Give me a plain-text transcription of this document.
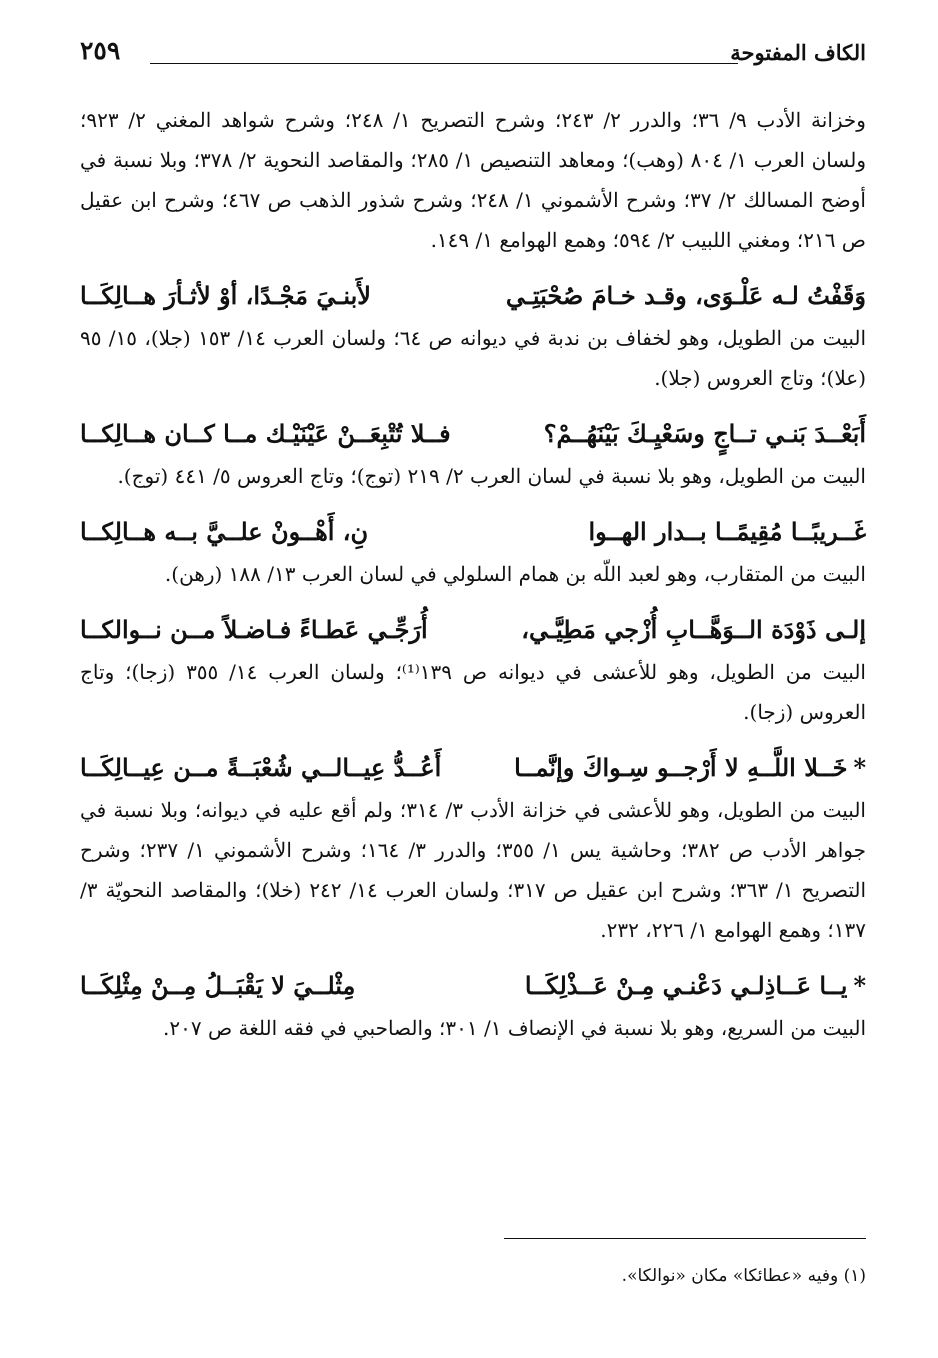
الكاف المفتوحة
٢٥٩

وخزانة الأدب ٩/ ٣٦؛ والدرر ٢/ ٢٤٣؛ وشرح التصريح ١/ ٢٤٨؛ وشرح شواهد المغني ٢/ ٩٢٣؛ ولسان العرب ١/ ٨٠٤ (وهب)؛ ومعاهد التنصيص ١/ ٢٨٥؛ والمقاصد النحوية ٢/ ٣٧٨؛ وبلا نسبة في أوضح المسالك ٢/ ٣٧؛ وشرح الأشموني ١/ ٢٤٨؛ وشرح شذور الذهب ص ٤٦٧؛ وشرح ابن عقيل ص ٢١٦؛ ومغني اللبيب ٢/ ٥٩٤؛ وهمع الهوامع ١/ ١٤٩.

وَقَفْتُ لـه عَلْـوَى، وقـد خـامَ صُحْبَتِـي
لأَبنـيَ مَجْـدًا، أوْ لأثـأرَ هــالِكَــا

البيت من الطويل، وهو لخفاف بن ندبة في ديوانه ص ٦٤؛ ولسان العرب ١٤/ ١٥٣ (جلا)، ١٥/ ٩٥ (علا)؛ وتاج العروس (جلا).

أَبَعْــدَ بَنـي تــاجٍ وسَعْيِـكَ بَيْنَهُــمْ؟
فــلا تُتْبِعَــنْ عَيْنَيْـك مــا كــان هــالِكــا

البيت من الطويل، وهو بلا نسبة في لسان العرب ٢/ ٢١٩ (توج)؛ وتاج العروس ٥/ ٤٤١ (توج).

غَــريبًــا مُقِيمًــا بــدار الهــوا
نِ، أَهْــونْ علــيَّ بــه هــالِكــا

البيت من المتقارب، وهو لعبد اللّه بن همام السلولي في لسان العرب ١٣/ ١٨٨ (رهن).

إلـى ذَوْدَة الــوَهَّــابِ أُزْجي مَطِيَّـي،
أُرَجِّـي عَطـاءً فـاضـلاً مــن نــوالكــا

البيت من الطويل، وهو للأعشى في ديوانه ص ١٣٩⁽¹⁾؛ ولسان العرب ١٤/ ٣٥٥ (زجا)؛ وتاج العروس (زجا).

*خَــلا اللَّــهِ لا أَرْجــو سِـواكَ وإنَّمــا
أَعُــدُّ عِيــالــي شُعْبَــةً مــن عِيــالِكَــا

البيت من الطويل، وهو للأعشى في خزانة الأدب ٣/ ٣١٤؛ ولم أقع عليه في ديوانه؛ وبلا نسبة في جواهر الأدب ص ٣٨٢؛ وحاشية يس ١/ ٣٥٥؛ والدرر ٣/ ١٦٤؛ وشرح الأشموني ١/ ٢٣٧؛ وشرح التصريح ١/ ٣٦٣؛ وشرح ابن عقيل ص ٣١٧؛ ولسان العرب ١٤/ ٢٤٢ (خلا)؛ والمقاصد النحويّة ٣/ ١٣٧؛ وهمع الهوامع ١/ ٢٢٦، ٢٣٢.

*يــا عَــاذِلـي دَعْنـي مِـنْ عَــذْلِكَــا
مِثْلــيَ لا يَقْبَــلُ مِــنْ مِثْلِكَــا

البيت من السريع، وهو بلا نسبة في الإنصاف ١/ ٣٠١؛ والصاحبي في فقه اللغة ص ٢٠٧.

(١) وفيه «عطائكا» مكان «نوالكا».
